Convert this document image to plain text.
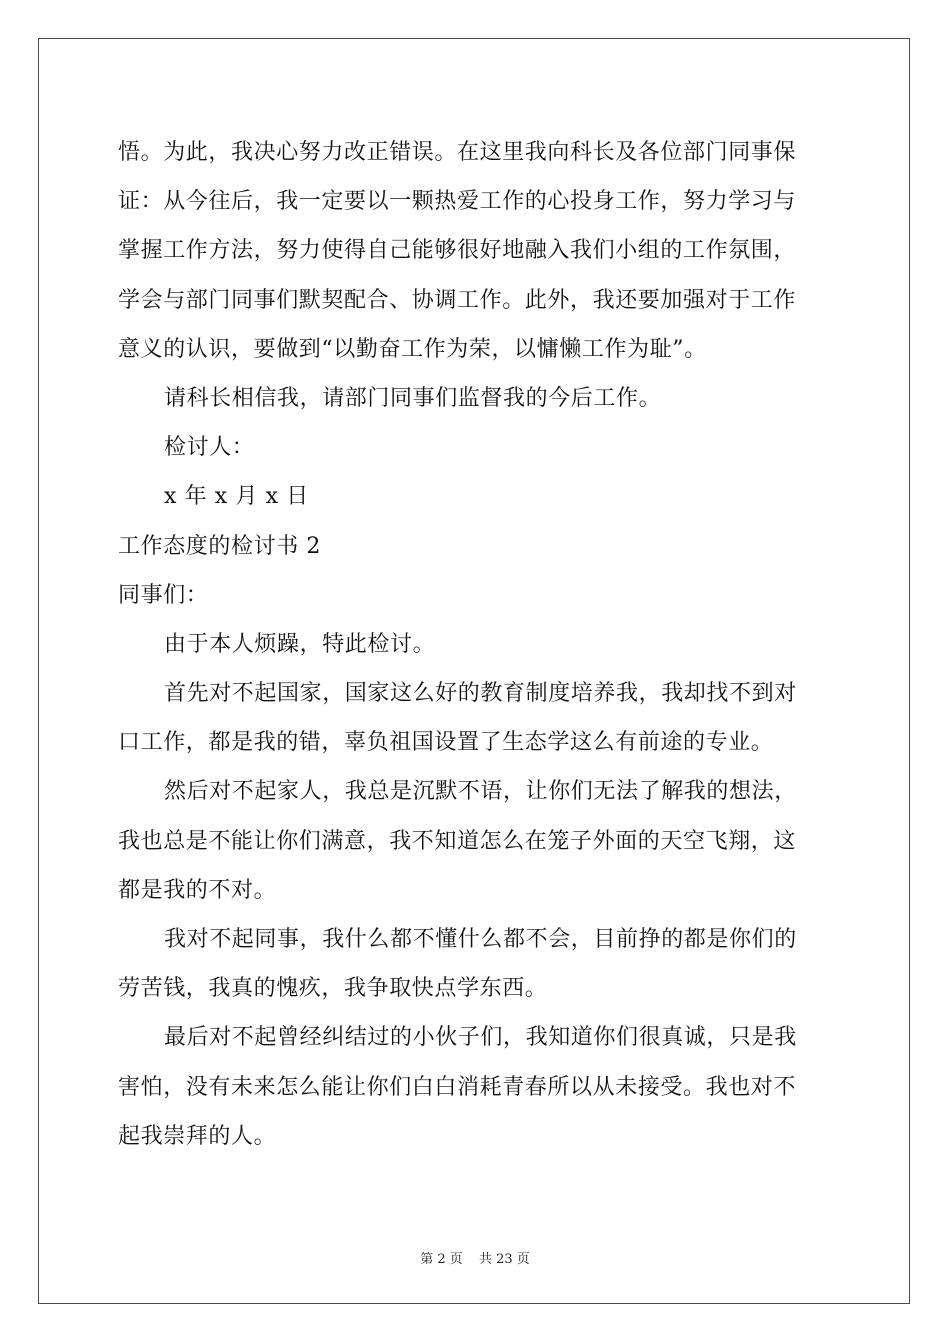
悟。为此，我决心努力改正错误。在这里我向科长及各位部门同事保
证：从今往后，我一定要以一颗热爱工作的心投身工作，努力学习与
掌握工作方法，努力使得自己能够很好地融入我们小组的工作氛围，
学会与部门同事们默契配合、协调工作。此外，我还要加强对于工作
意义的认识，要做到“以勤奋工作为荣，以慵懒工作为耻”。
请科长相信我，请部门同事们监督我的今后工作。
检讨人：
x 年 x 月 x 日
工作态度的检讨书 2
同事们：
由于本人烦躁，特此检讨。
首先对不起国家，国家这么好的教育制度培养我，我却找不到对
口工作，都是我的错，辜负祖国设置了生态学这么有前途的专业。
然后对不起家人，我总是沉默不语，让你们无法了解我的想法，
我也总是不能让你们满意，我不知道怎么在笼子外面的天空飞翔，这
都是我的不对。
我对不起同事，我什么都不懂什么都不会，目前挣的都是你们的
劳苦钱，我真的愧疚，我争取快点学东西。
最后对不起曾经纠结过的小伙子们，我知道你们很真诚，只是我
害怕，没有未来怎么能让你们白白消耗青春所以从未接受。我也对不
起我崇拜的人。
第 2 页 共 23 页
